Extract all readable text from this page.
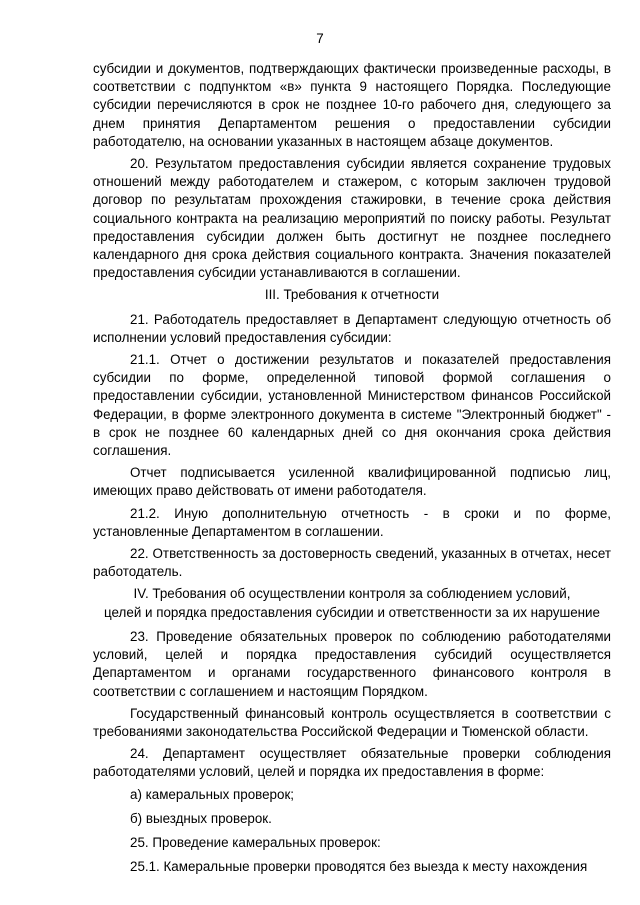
7

субсидии и документов, подтверждающих фактически произведенные расходы, в соответствии с подпунктом «в» пункта 9 настоящего Порядка. Последующие субсидии перечисляются в срок не позднее 10-го рабочего дня, следующего за днем принятия Департаментом решения о предоставлении субсидии работодателю, на основании указанных в настоящем абзаце документов.

20. Результатом предоставления субсидии является сохранение трудовых отношений между работодателем и стажером, с которым заключен трудовой договор по результатам прохождения стажировки, в течение срока действия социального контракта на реализацию мероприятий по поиску работы. Результат предоставления субсидии должен быть достигнут не позднее последнего календарного дня срока действия социального контракта. Значения показателей предоставления субсидии устанавливаются в соглашении.

III. Требования к отчетности

21. Работодатель предоставляет в Департамент следующую отчетность об исполнении условий предоставления субсидии:

21.1. Отчет о достижении результатов и показателей предоставления субсидии по форме, определенной типовой формой соглашения о предоставлении субсидии, установленной Министерством финансов Российской Федерации, в форме электронного документа в системе "Электронный бюджет" - в срок не позднее 60 календарных дней со дня окончания срока действия соглашения.

Отчет подписывается усиленной квалифицированной подписью лиц, имеющих право действовать от имени работодателя.

21.2. Иную дополнительную отчетность - в сроки и по форме, установленные Департаментом в соглашении.

22. Ответственность за достоверность сведений, указанных в отчетах, несет работодатель.

IV. Требования об осуществлении контроля за соблюдением условий,
целей и порядка предоставления субсидии и ответственности за их нарушение

23. Проведение обязательных проверок по соблюдению работодателями условий, целей и порядка предоставления субсидий осуществляется Департаментом и органами государственного финансового контроля в соответствии с соглашением и настоящим Порядком.

Государственный финансовый контроль осуществляется в соответствии с требованиями законодательства Российской Федерации и Тюменской области.

24. Департамент осуществляет обязательные проверки соблюдения работодателями условий, целей и порядка их предоставления в форме:

а) камеральных проверок;

б) выездных проверок.

25. Проведение камеральных проверок:

25.1. Камеральные проверки проводятся без выезда к месту нахождения
